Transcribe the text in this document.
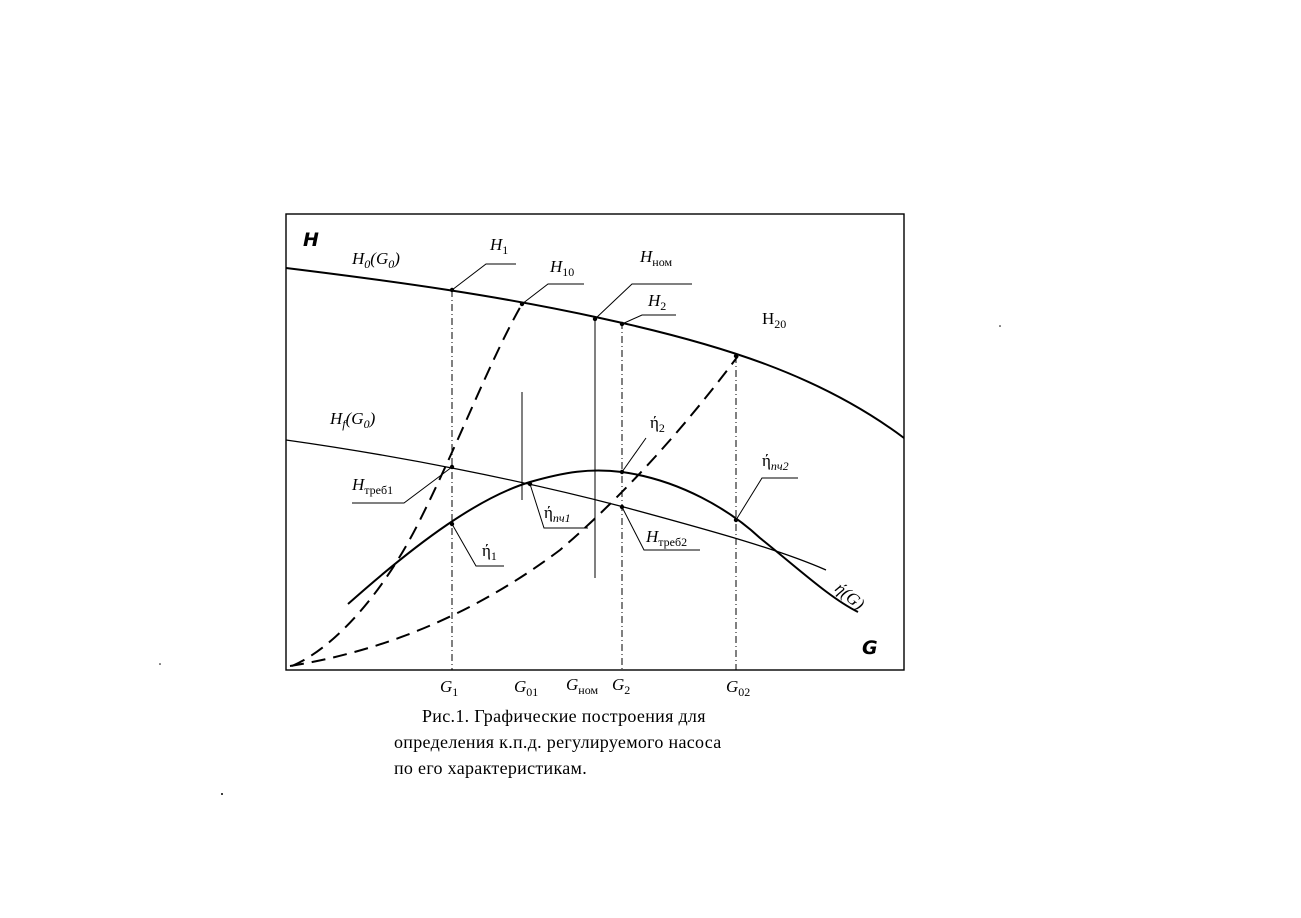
H
G
$H_0(G_0)$
$H_f(G_0)$
ή(G)
$H_1$
$H_{10}$
$H_{ном}$
$H_2$
$H_{20}$
$H_{треб1}$
$H_{треб2}$
$ή_1$
$ή_2$
$ή_{пч1}$
$ή_{пч2}$
$G_1$	$G_{01}$ $G_{ном}$ $G_2$	$G_{02}$
Рис.1. Графические построения для
определения к.п.д. регулируемого насоса
по его характеристикам.
